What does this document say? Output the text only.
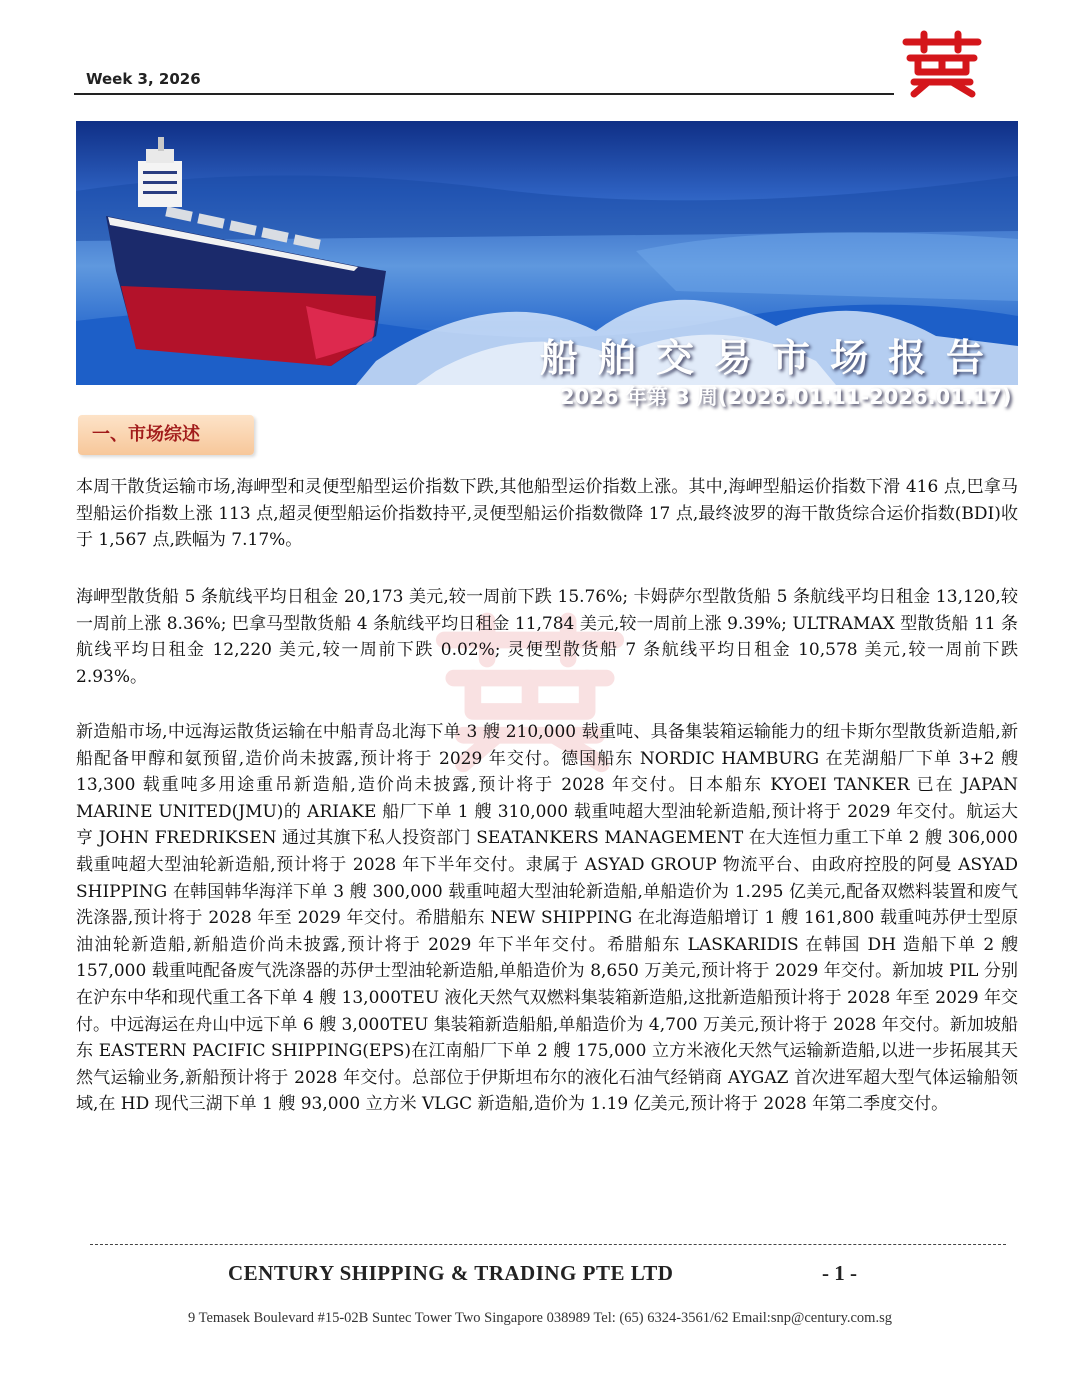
Week 3, 2026
船舶交易市场报告

2026 年第 3 周(2026.01.11-2026.01.17)

一、市场综述

本周干散货运输市场,海岬型和灵便型船型运价指数下跌,其他船型运价指数上涨。其中,海岬型船运价指数下滑 416 点,巴拿马型船运价指数上涨 113 点,超灵便型船运价指数持平,灵便型船运价指数微降 17 点,最终波罗的海干散货综合运价指数(BDI)收于 1,567 点,跌幅为 7.17%。

海岬型散货船 5 条航线平均日租金 20,173 美元,较一周前下跌 15.76%; 卡姆萨尔型散货船 5 条航线平均日租金 13,120,较一周前上涨 8.36%; 巴拿马型散货船 4 条航线平均日租金 11,784 美元,较一周前上涨 9.39%; ULTRAMAX 型散货船 11 条航线平均日租金 12,220 美元,较一周前下跌 0.02%; 灵便型散货船 7 条航线平均日租金 10,578 美元,较一周前下跌 2.93%。

新造船市场,中远海运散货运输在中船青岛北海下单 3 艘 210,000 载重吨、具备集装箱运输能力的纽卡斯尔型散货新造船,新船配备甲醇和氨预留,造价尚未披露,预计将于 2029 年交付。德国船东 NORDIC HAMBURG 在芜湖船厂下单 3+2 艘 13,300 载重吨多用途重吊新造船,造价尚未披露,预计将于 2028 年交付。日本船东 KYOEI TANKER 已在 JAPAN MARINE UNITED(JMU)的 ARIAKE 船厂下单 1 艘 310,000 载重吨超大型油轮新造船,预计将于 2029 年交付。航运大亨 JOHN FREDRIKSEN 通过其旗下私人投资部门 SEATANKERS MANAGEMENT 在大连恒力重工下单 2 艘 306,000 载重吨超大型油轮新造船,预计将于 2028 年下半年交付。隶属于 ASYAD GROUP 物流平台、由政府控股的阿曼 ASYAD SHIPPING 在韩国韩华海洋下单 3 艘 300,000 载重吨超大型油轮新造船,单船造价为 1.295 亿美元,配备双燃料装置和废气洗涤器,预计将于 2028 年至 2029 年交付。希腊船东 NEW SHIPPING 在北海造船增订 1 艘 161,800 载重吨苏伊士型原油油轮新造船,新船造价尚未披露,预计将于 2029 年下半年交付。希腊船东 LASKARIDIS 在韩国 DH 造船下单 2 艘 157,000 载重吨配备废气洗涤器的苏伊士型油轮新造船,单船造价为 8,650 万美元,预计将于 2029 年交付。新加坡 PIL 分别在沪东中华和现代重工各下单 4 艘 13,000TEU 液化天然气双燃料集装箱新造船,这批新造船预计将于 2028 年至 2029 年交付。中远海运在舟山中远下单 6 艘 3,000TEU 集装箱新造船船,单船造价为 4,700 万美元,预计将于 2028 年交付。新加坡船东 EASTERN PACIFIC SHIPPING(EPS)在江南船厂下单 2 艘 175,000 立方米液化天然气运输新造船,以进一步拓展其天然气运输业务,新船预计将于 2028 年交付。总部位于伊斯坦布尔的液化石油气经销商 AYGAZ 首次进军超大型气体运输船领域,在 HD 现代三湖下单 1 艘 93,000 立方米 VLGC 新造船,造价为 1.19 亿美元,预计将于 2028 年第二季度交付。

CENTURY SHIPPING & TRADING PTE LTD	- 1 -
9 Temasek Boulevard #15-02B Suntec Tower Two Singapore 038989 Tel: (65) 6324-3561/62 Email:snp@century.com.sg
